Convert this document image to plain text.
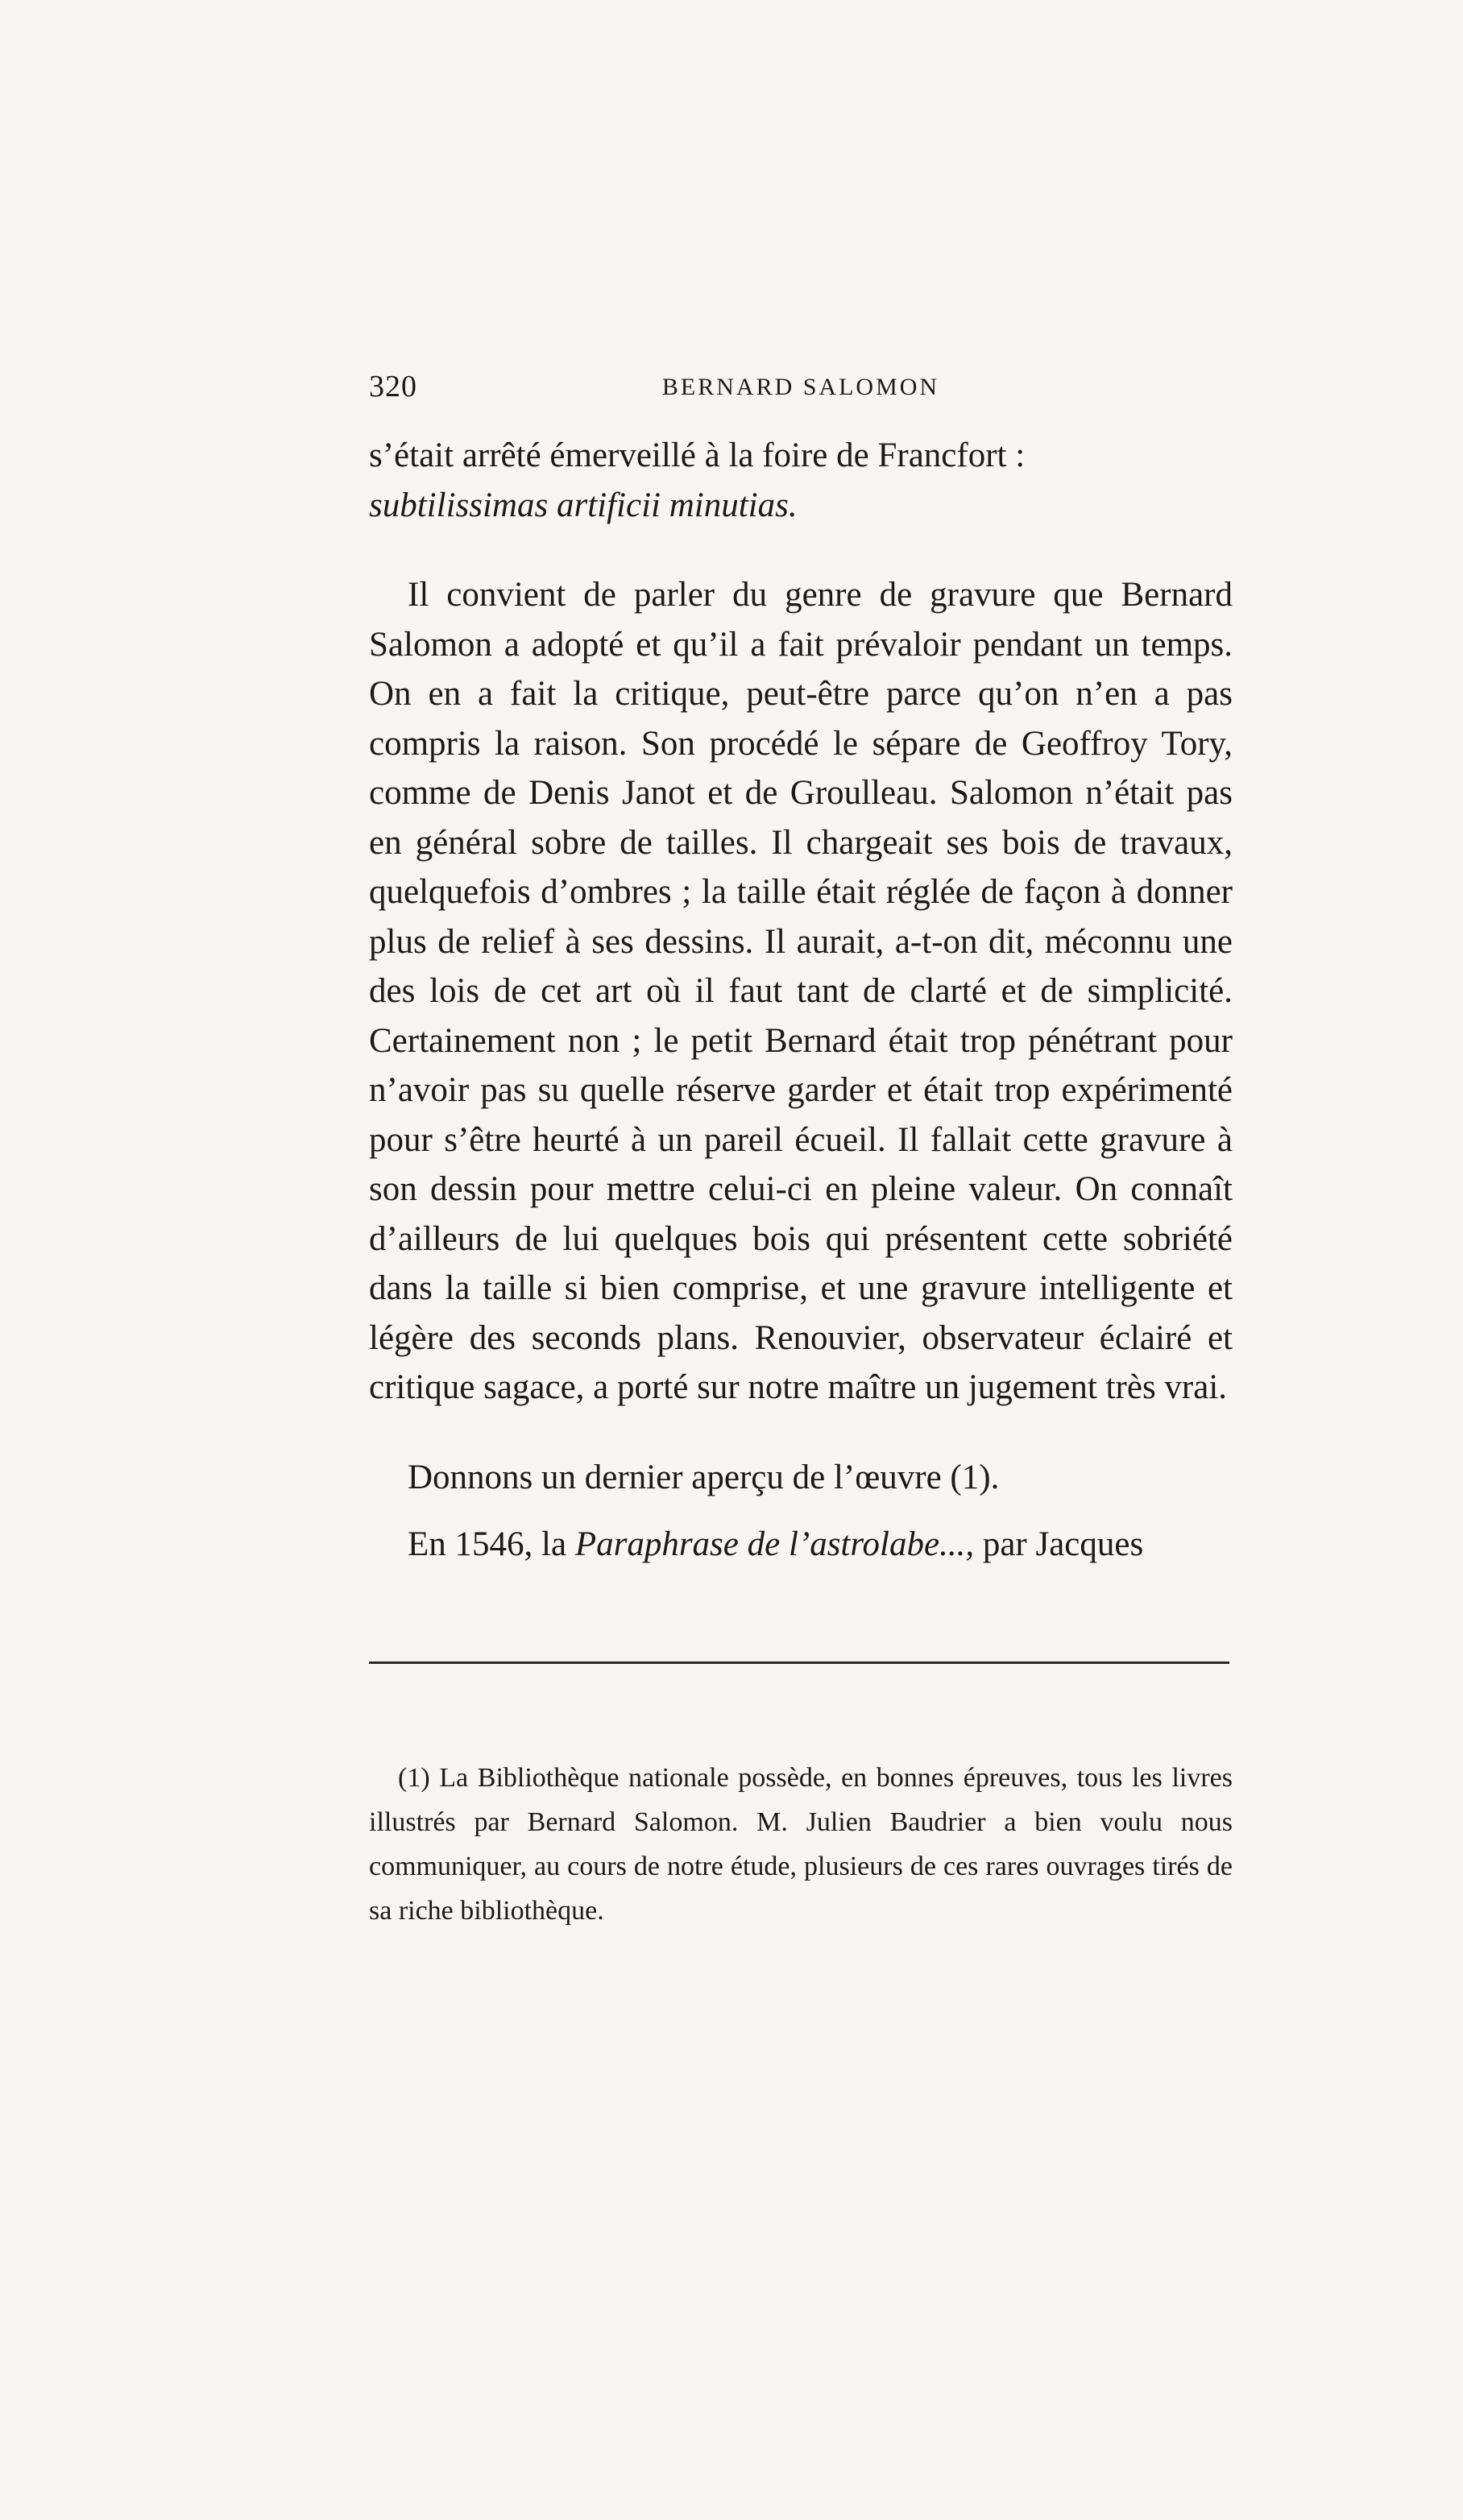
320	BERNARD SALOMON

s’était arrêté émerveillé à la foire de Francfort :
subtilissimas artificii minutias.

Il convient de parler du genre de gravure que Bernard Salomon a adopté et qu’il a fait prévaloir pendant un temps. On en a fait la critique, peut-être parce qu’on n’en a pas compris la raison. Son procédé le sépare de Geoffroy Tory, comme de Denis Janot et de Groulleau. Salomon n’était pas en général sobre de tailles. Il chargeait ses bois de travaux, quelquefois d’ombres ; la taille était réglée de façon à donner plus de relief à ses dessins. Il aurait, a-t-on dit, méconnu une des lois de cet art où il faut tant de clarté et de simplicité. Certainement non ; le petit Bernard était trop pénétrant pour n’avoir pas su quelle réserve garder et était trop expérimenté pour s’être heurté à un pareil écueil. Il fallait cette gravure à son dessin pour mettre celui-ci en pleine valeur. On connaît d’ailleurs de lui quelques bois qui présentent cette sobriété dans la taille si bien comprise, et une gravure intelligente et légère des seconds plans. Renouvier, observateur éclairé et critique sagace, a porté sur notre maître un jugement très vrai.

Donnons un dernier aperçu de l’œuvre (1).

En 1546, la Paraphrase de l’astrolabe..., par Jacques

(1) La Bibliothèque nationale possède, en bonnes épreuves, tous les livres illustrés par Bernard Salomon. M. Julien Baudrier a bien voulu nous communiquer, au cours de notre étude, plusieurs de ces rares ouvrages tirés de sa riche bibliothèque.
